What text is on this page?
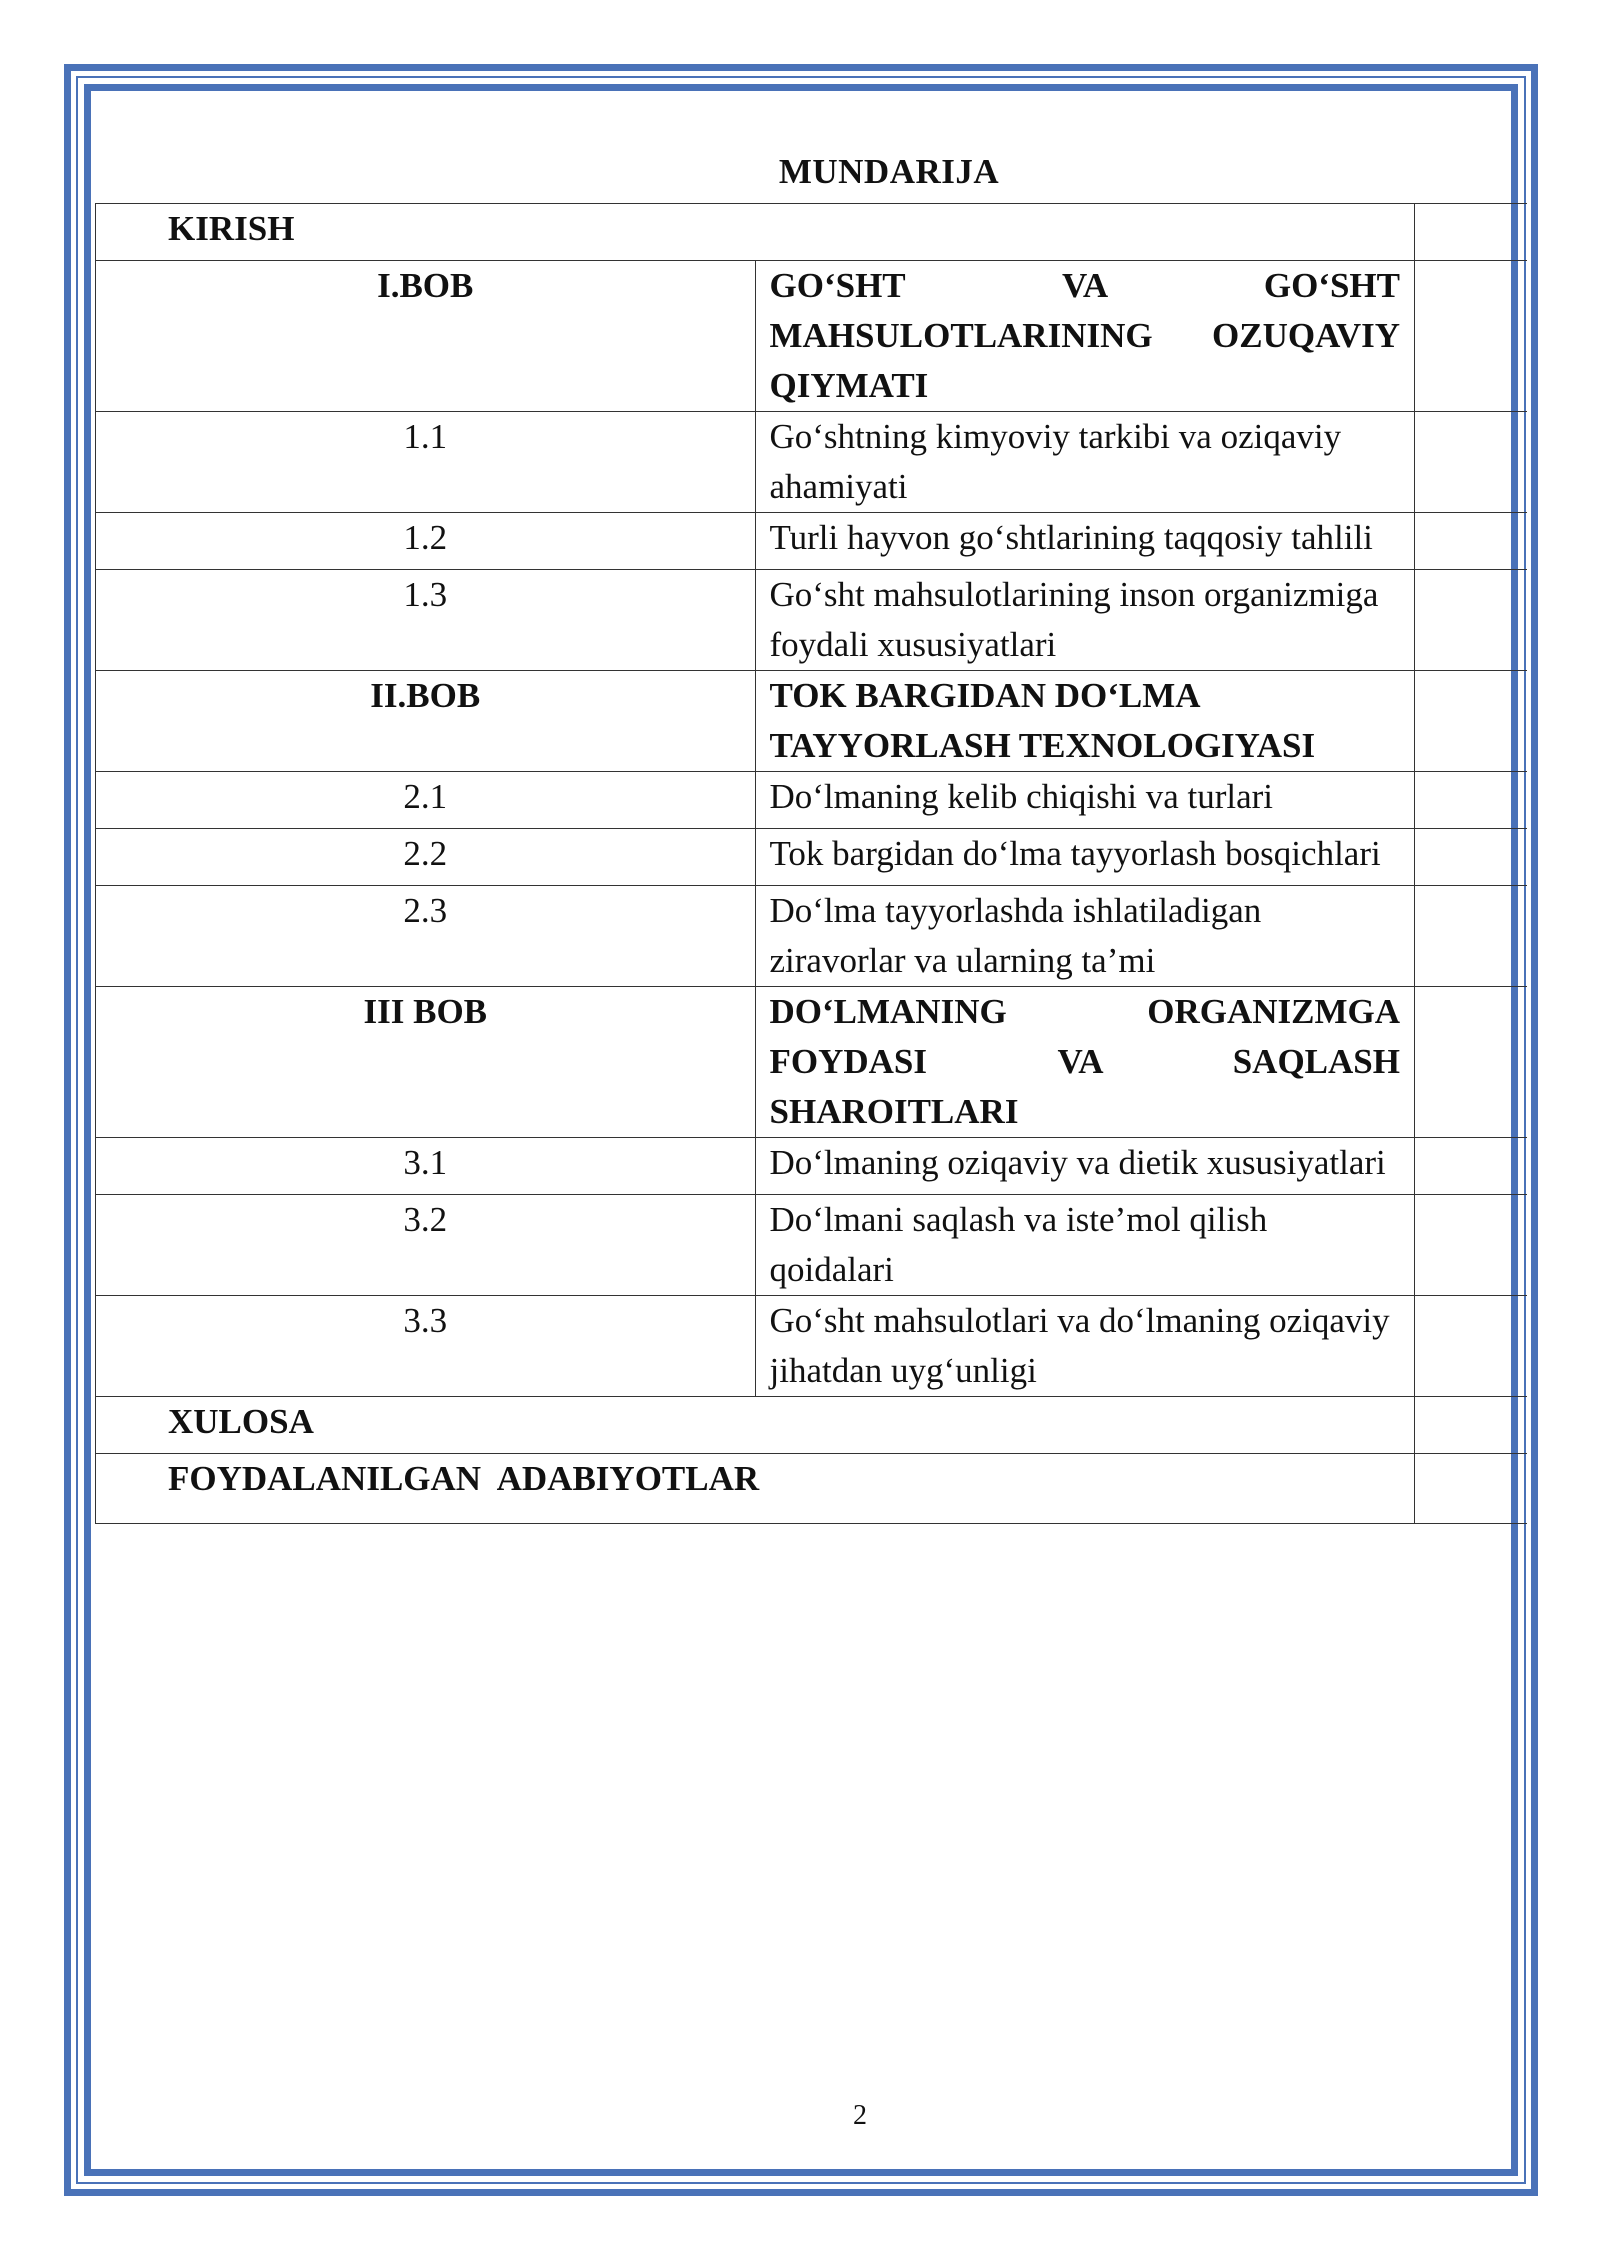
MUNDARIJA
KIRISH		
I.BOB	GO‘SHT VA GO‘SHT MAHSULOTLARINING OZUQAVIY QIYMATI	
1.1	Go‘shtning kimyoviy tarkibi va oziqaviy ahamiyati	
1.2	Turli hayvon go‘shtlarining taqqosiy tahlili	
1.3	Go‘sht mahsulotlarining inson organizmiga foydali xususiyatlari	
II.BOB	TOK BARGIDAN DO‘LMA TAYYORLASH TEXNOLOGIYASI	
2.1	Do‘lmaning kelib chiqishi va turlari	
2.2	Tok bargidan do‘lma tayyorlash bosqichlari	
2.3	Do‘lma tayyorlashda ishlatiladigan ziravorlar va ularning ta’mi	
III BOB	DO‘LMANING ORGANIZMGA FOYDASI VA SAQLASH SHAROITLARI	
3.1	Do‘lmaning oziqaviy va dietik xususiyatlari	
3.2	Do‘lmani saqlash va iste’mol qilish qoidalari	
3.3	Go‘sht mahsulotlari va do‘lmaning oziqaviy jihatdan uyg‘unligi	
XULOSA		
FOYDALANILGAN  ADABIYOTLAR		
2
